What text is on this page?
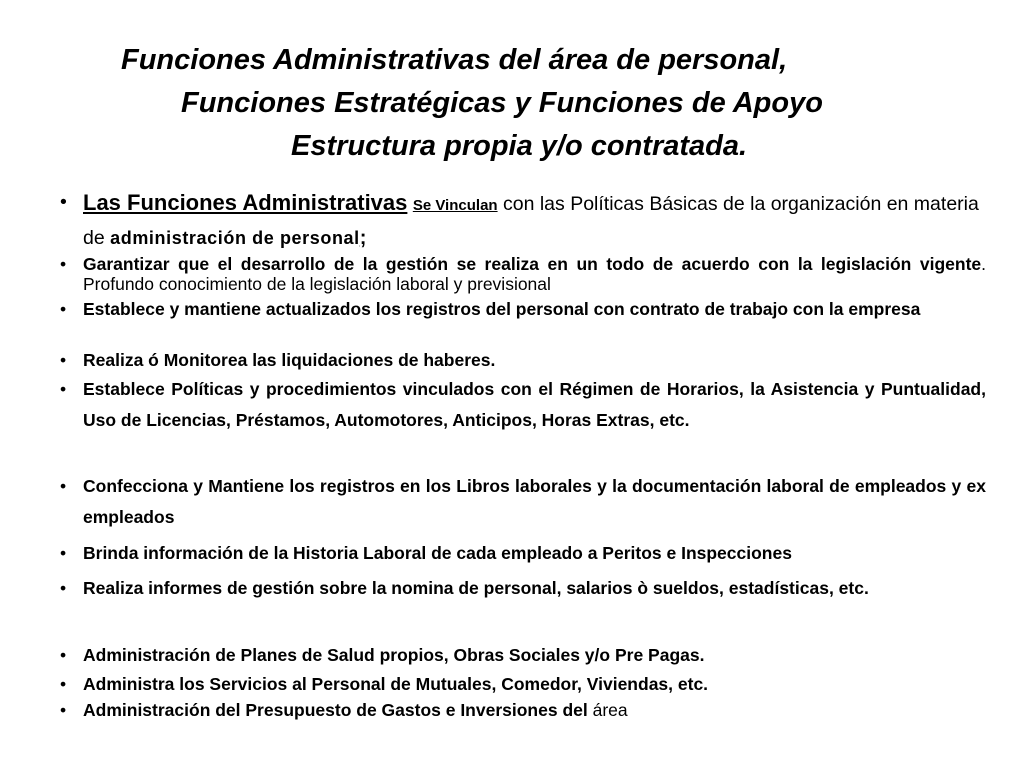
Funciones Administrativas del área de personal,
Funciones Estratégicas y Funciones de Apoyo
Estructura propia y/o contratada.
• Las Funciones Administrativas Se Vinculan con las Políticas Básicas de la organización en materia de administración de personal;
• Garantizar que el desarrollo de la gestión se realiza en un todo de acuerdo con la legislación vigente. Profundo conocimiento de la legislación laboral y previsional
• Establece y mantiene actualizados los registros del personal con contrato de trabajo con la empresa
• Realiza ó Monitorea las liquidaciones de haberes.
• Establece Políticas y procedimientos vinculados con el Régimen de Horarios, la Asistencia y Puntualidad, Uso de Licencias, Préstamos, Automotores, Anticipos, Horas Extras, etc.
• Confecciona y Mantiene los registros en los Libros laborales y la documentación laboral de empleados y ex empleados
• Brinda información de la Historia Laboral de cada empleado a Peritos e Inspecciones
• Realiza informes de gestión sobre la nomina de personal, salarios ò sueldos, estadísticas, etc.
• Administración de Planes de Salud propios, Obras Sociales y/o Pre Pagas.
• Administra los Servicios al Personal de Mutuales, Comedor, Viviendas, etc.
• Administración del Presupuesto de Gastos e Inversiones del área
